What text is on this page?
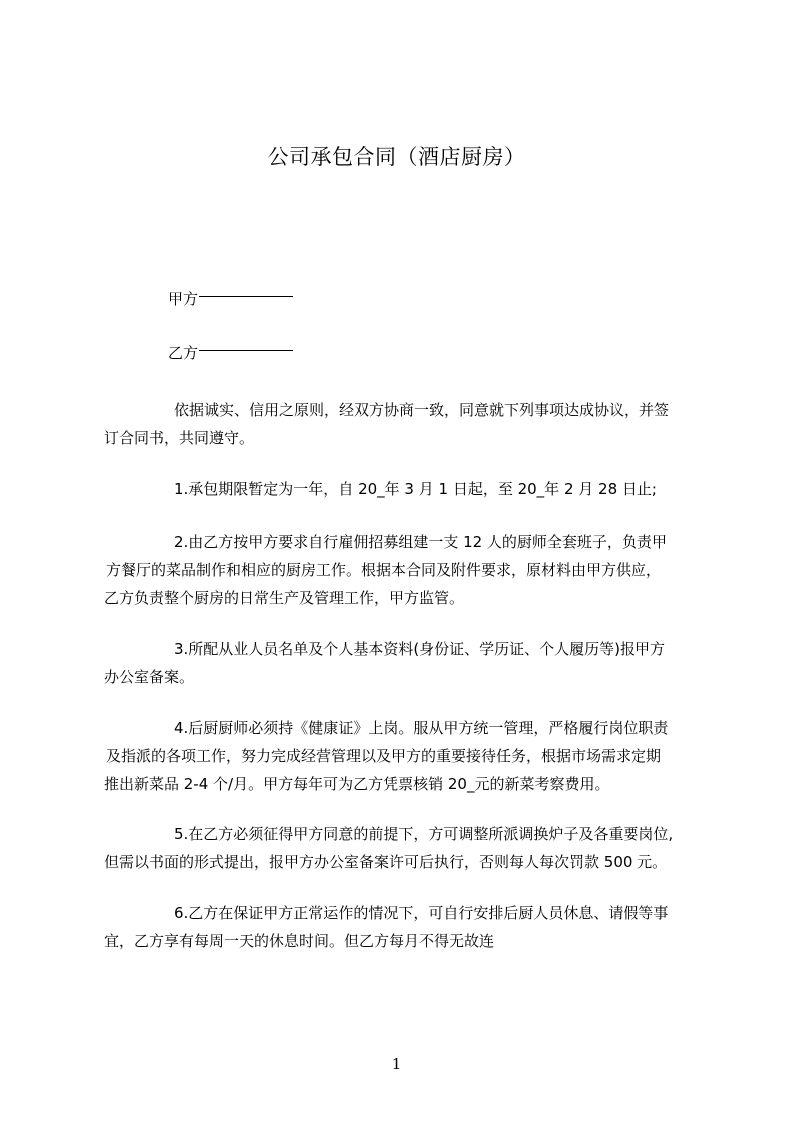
公司承包合同（酒店厨房）
甲方
乙方
依据诚实、信用之原则，经双方协商一致，同意就下列事项达成协议，并签
订合同书，共同遵守。
1.承包期限暂定为一年，自 20_年 3 月 1 日起，至 20_年 2 月 28 日止;
2.由乙方按甲方要求自行雇佣招募组建一支 12 人的厨师全套班子，负责甲
方餐厅的菜品制作和相应的厨房工作。根据本合同及附件要求，原材料由甲方供应，
乙方负责整个厨房的日常生产及管理工作，甲方监管。
3.所配从业人员名单及个人基本资料(身份证、学历证、个人履历等)报甲方
办公室备案。
4.后厨厨师必须持《健康证》上岗。服从甲方统一管理，严格履行岗位职责
及指派的各项工作，努力完成经营管理以及甲方的重要接待任务，根据市场需求定期
推出新菜品 2-4 个/月。甲方每年可为乙方凭票核销 20_元的新菜考察费用。
5.在乙方必须征得甲方同意的前提下，方可调整所派调换炉子及各重要岗位,
但需以书面的形式提出，报甲方办公室备案许可后执行，否则每人每次罚款 500 元。
6.乙方在保证甲方正常运作的情况下，可自行安排后厨人员休息、请假等事
宜，乙方享有每周一天的休息时间。但乙方每月不得无故连
1
